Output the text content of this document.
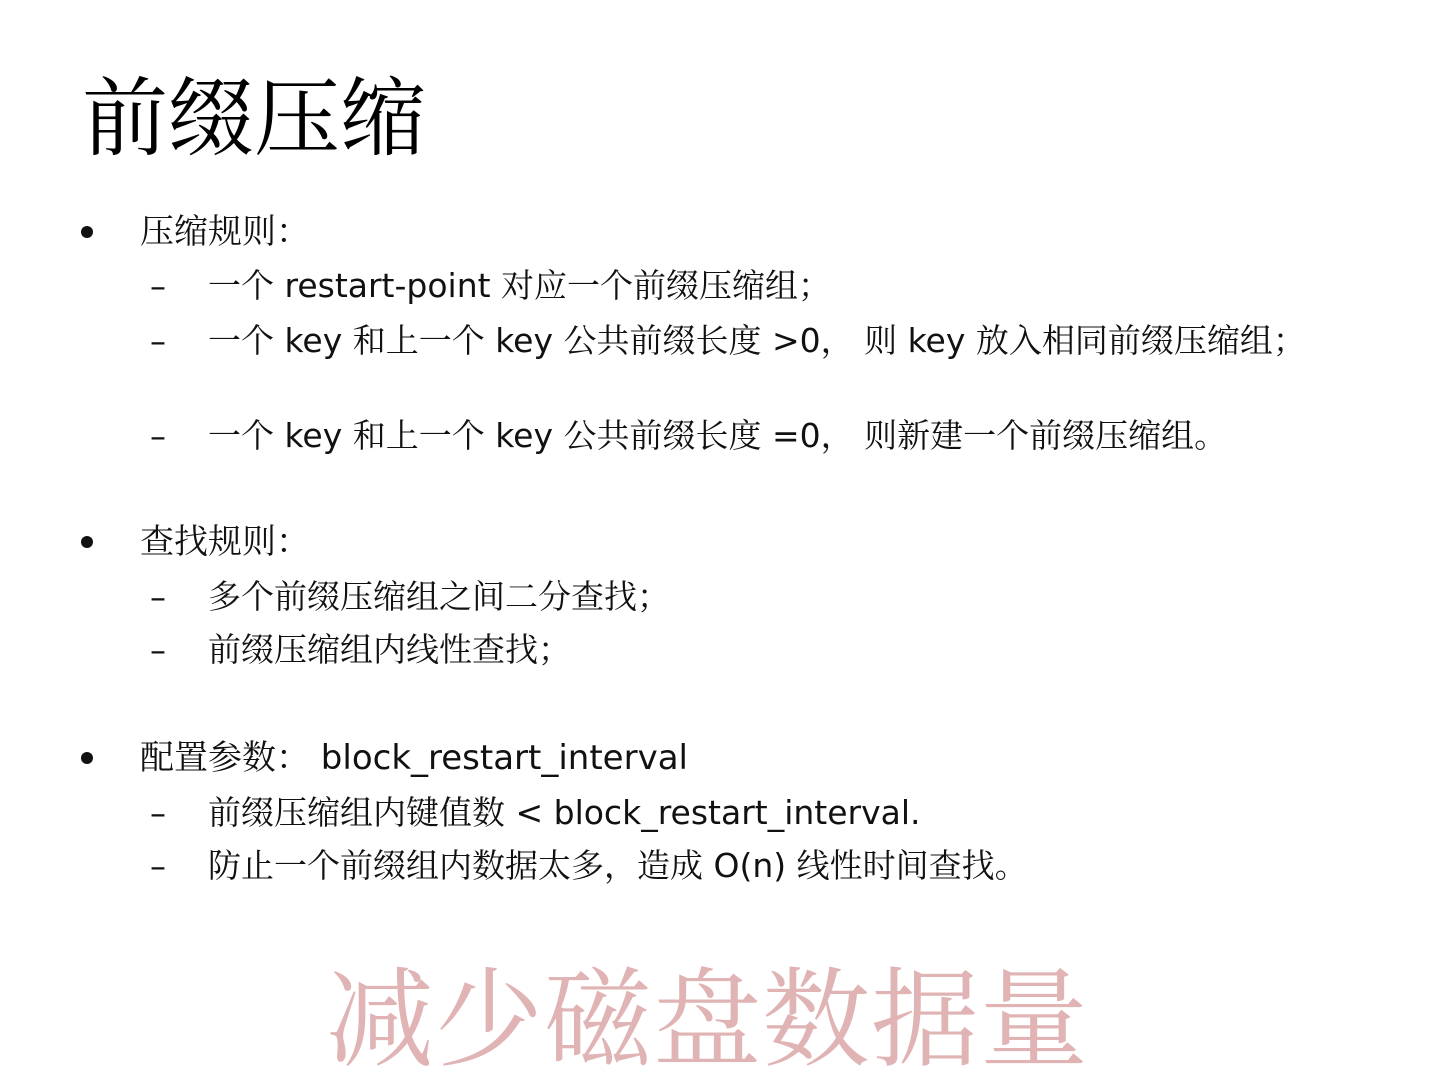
前缀压缩
压缩规则：
–	一个 restart-point 对应一个前缀压缩组；
–	一个 key 和上一个 key 公共前缀长度 >0， 则 key 放入相同前缀压缩组；
–	一个 key 和上一个 key 公共前缀长度 =0， 则新建一个前缀压缩组。
查找规则：
–	多个前缀压缩组之间二分查找；
–	前缀压缩组内线性查找；
配置参数： block_restart_interval
–	前缀压缩组内键值数 < block_restart_interval.
–	防止一个前缀组内数据太多，造成 O(n) 线性时间查找。
减少磁盘数据量
